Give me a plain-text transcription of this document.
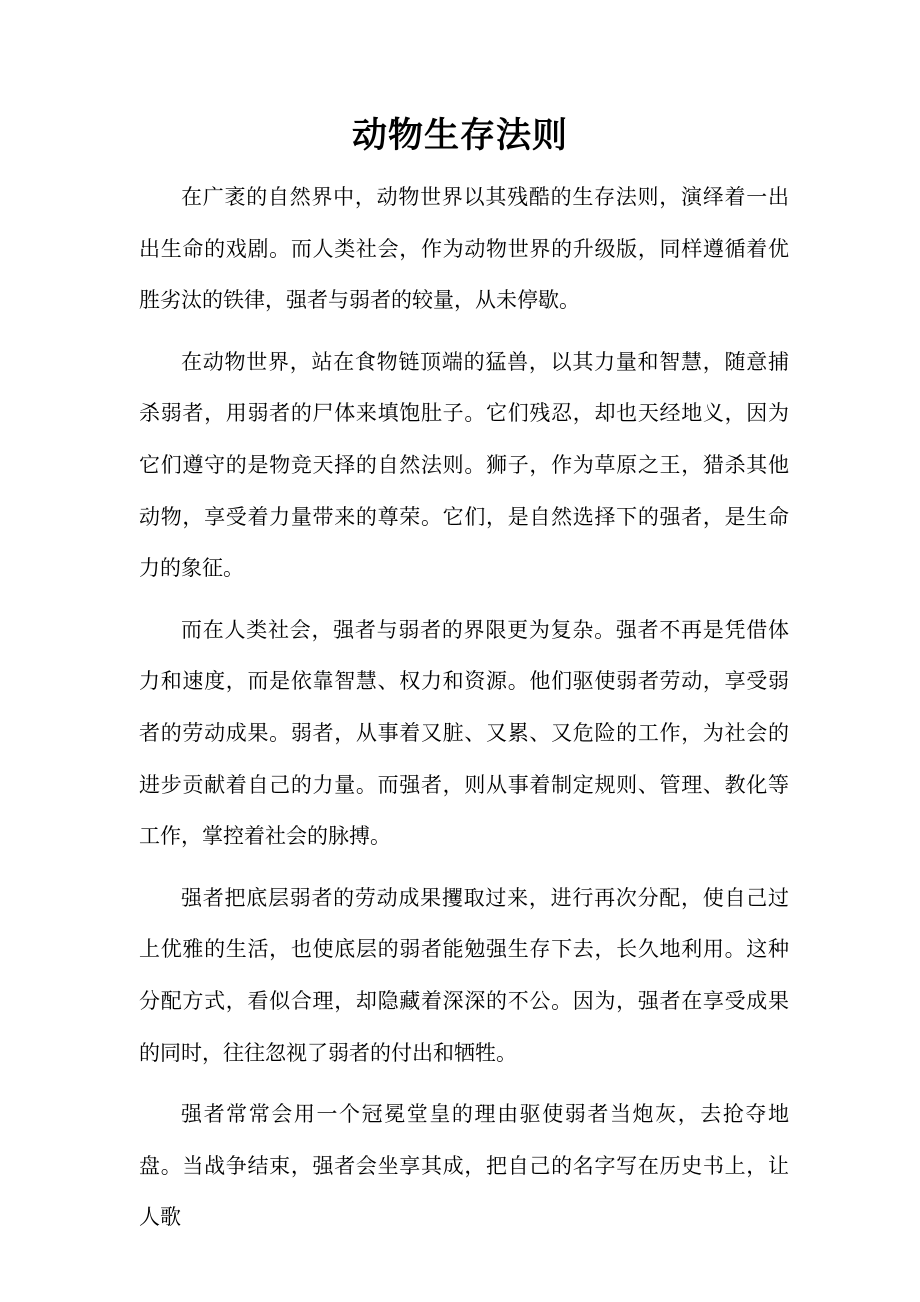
动物生存法则

在广袤的自然界中，动物世界以其残酷的生存法则，演绎着一出出生命的戏剧。而人类社会，作为动物世界的升级版，同样遵循着优胜劣汰的铁律，强者与弱者的较量，从未停歇。

在动物世界，站在食物链顶端的猛兽，以其力量和智慧，随意捕杀弱者，用弱者的尸体来填饱肚子。它们残忍，却也天经地义，因为它们遵守的是物竞天择的自然法则。狮子，作为草原之王，猎杀其他动物，享受着力量带来的尊荣。它们，是自然选择下的强者，是生命力的象征。

而在人类社会，强者与弱者的界限更为复杂。强者不再是凭借体力和速度，而是依靠智慧、权力和资源。他们驱使弱者劳动，享受弱者的劳动成果。弱者，从事着又脏、又累、又危险的工作，为社会的进步贡献着自己的力量。而强者，则从事着制定规则、管理、教化等工作，掌控着社会的脉搏。

强者把底层弱者的劳动成果攫取过来，进行再次分配，使自己过上优雅的生活，也使底层的弱者能勉强生存下去，长久地利用。这种分配方式，看似合理，却隐藏着深深的不公。因为，强者在享受成果的同时，往往忽视了弱者的付出和牺牲。

强者常常会用一个冠冕堂皇的理由驱使弱者当炮灰，去抢夺地盘。当战争结束，强者会坐享其成，把自己的名字写在历史书上，让人歌
